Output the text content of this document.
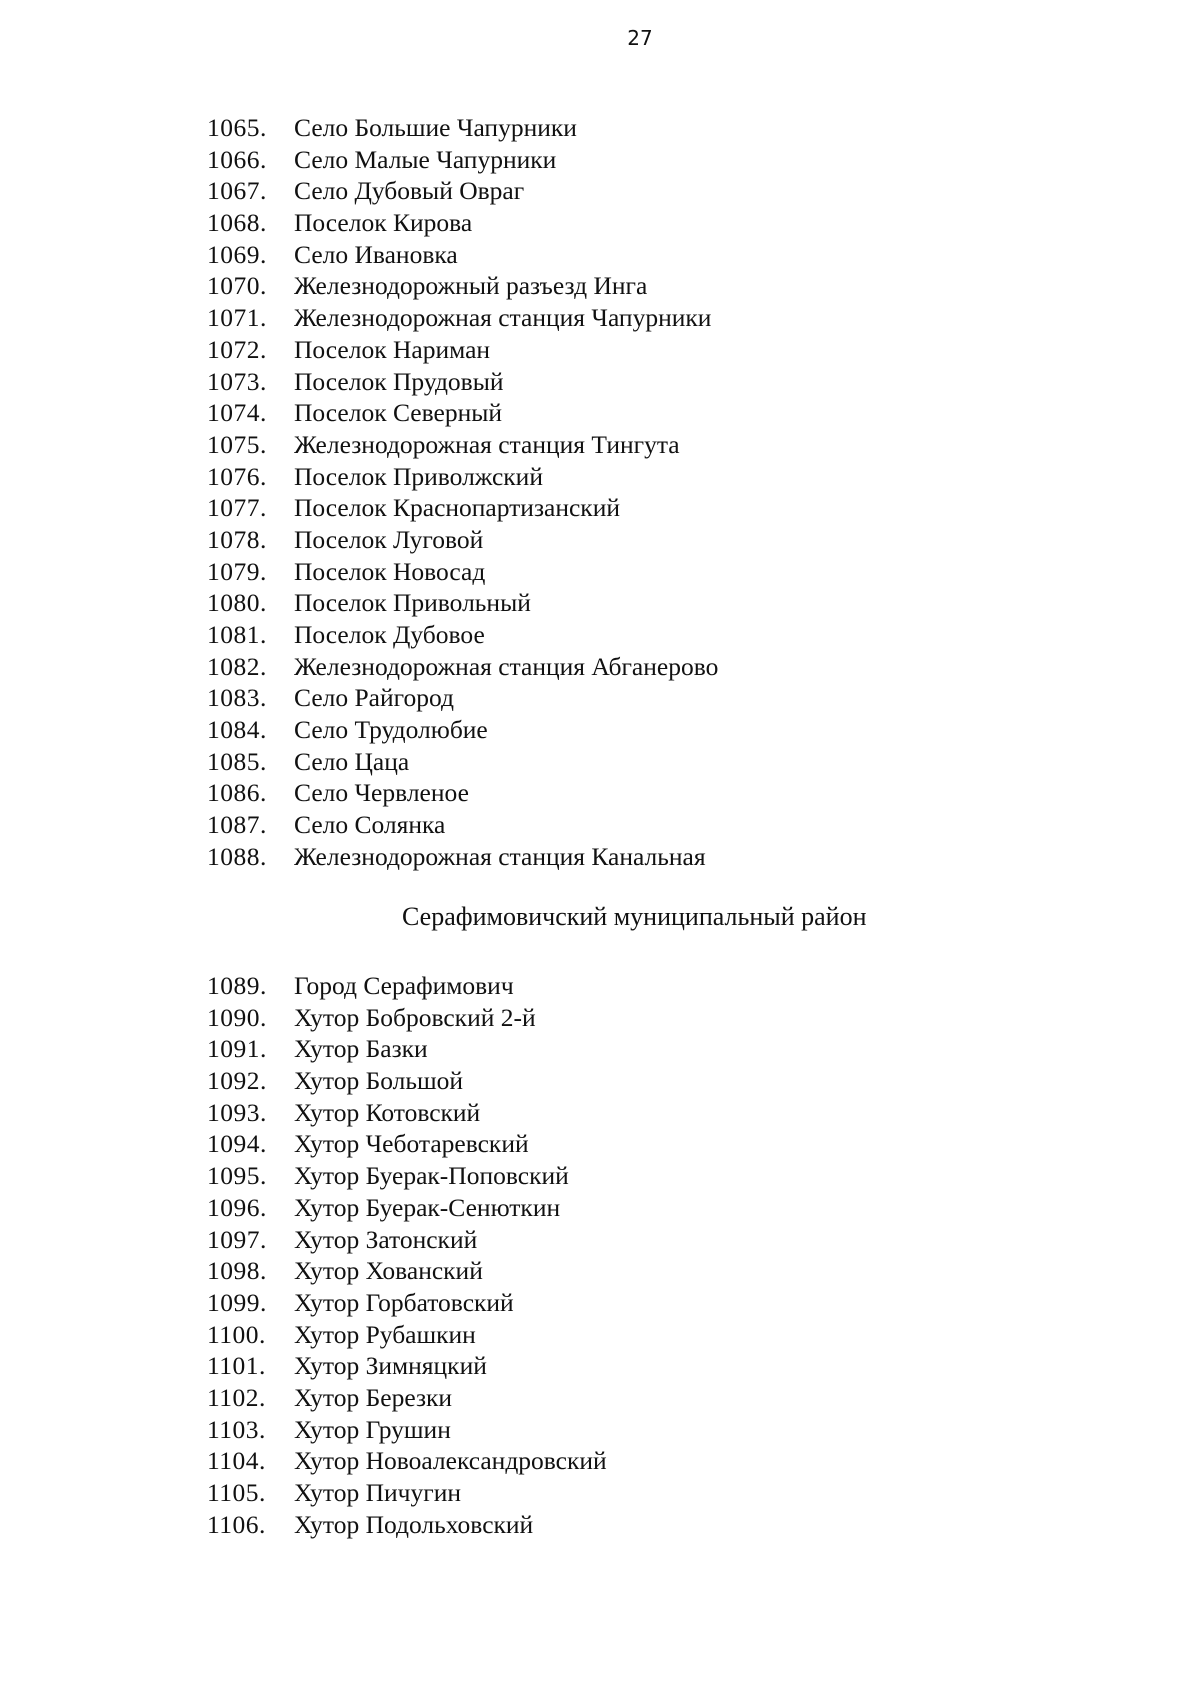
27
1065. Село Большие Чапурники
1066. Село Малые Чапурники
1067. Село Дубовый Овраг
1068. Поселок Кирова
1069. Село Ивановка
1070. Железнодорожный разъезд Инга
1071. Железнодорожная станция Чапурники
1072. Поселок Нариман
1073. Поселок Прудовый
1074. Поселок Северный
1075. Железнодорожная станция Тингута
1076. Поселок Приволжский
1077. Поселок Краснопартизанский
1078. Поселок Луговой
1079. Поселок Новосад
1080. Поселок Привольный
1081. Поселок Дубовое
1082. Железнодорожная станция Абганерово
1083. Село Райгород
1084. Село Трудолюбие
1085. Село Цаца
1086. Село Червленое
1087. Село Солянка
1088. Железнодорожная станция Канальная
Серафимовичский муниципальный район
1089. Город Серафимович
1090. Хутор Бобровский 2-й
1091. Хутор Базки
1092. Хутор Большой
1093. Хутор Котовский
1094. Хутор Чеботаревский
1095. Хутор Буерак-Поповский
1096. Хутор Буерак-Сенюткин
1097. Хутор Затонский
1098. Хутор Хованский
1099. Хутор Горбатовский
1100. Хутор Рубашкин
1101. Хутор Зимняцкий
1102. Хутор Березки
1103. Хутор Грушин
1104. Хутор Новоалександровский
1105. Хутор Пичугин
1106. Хутор Подольховский
